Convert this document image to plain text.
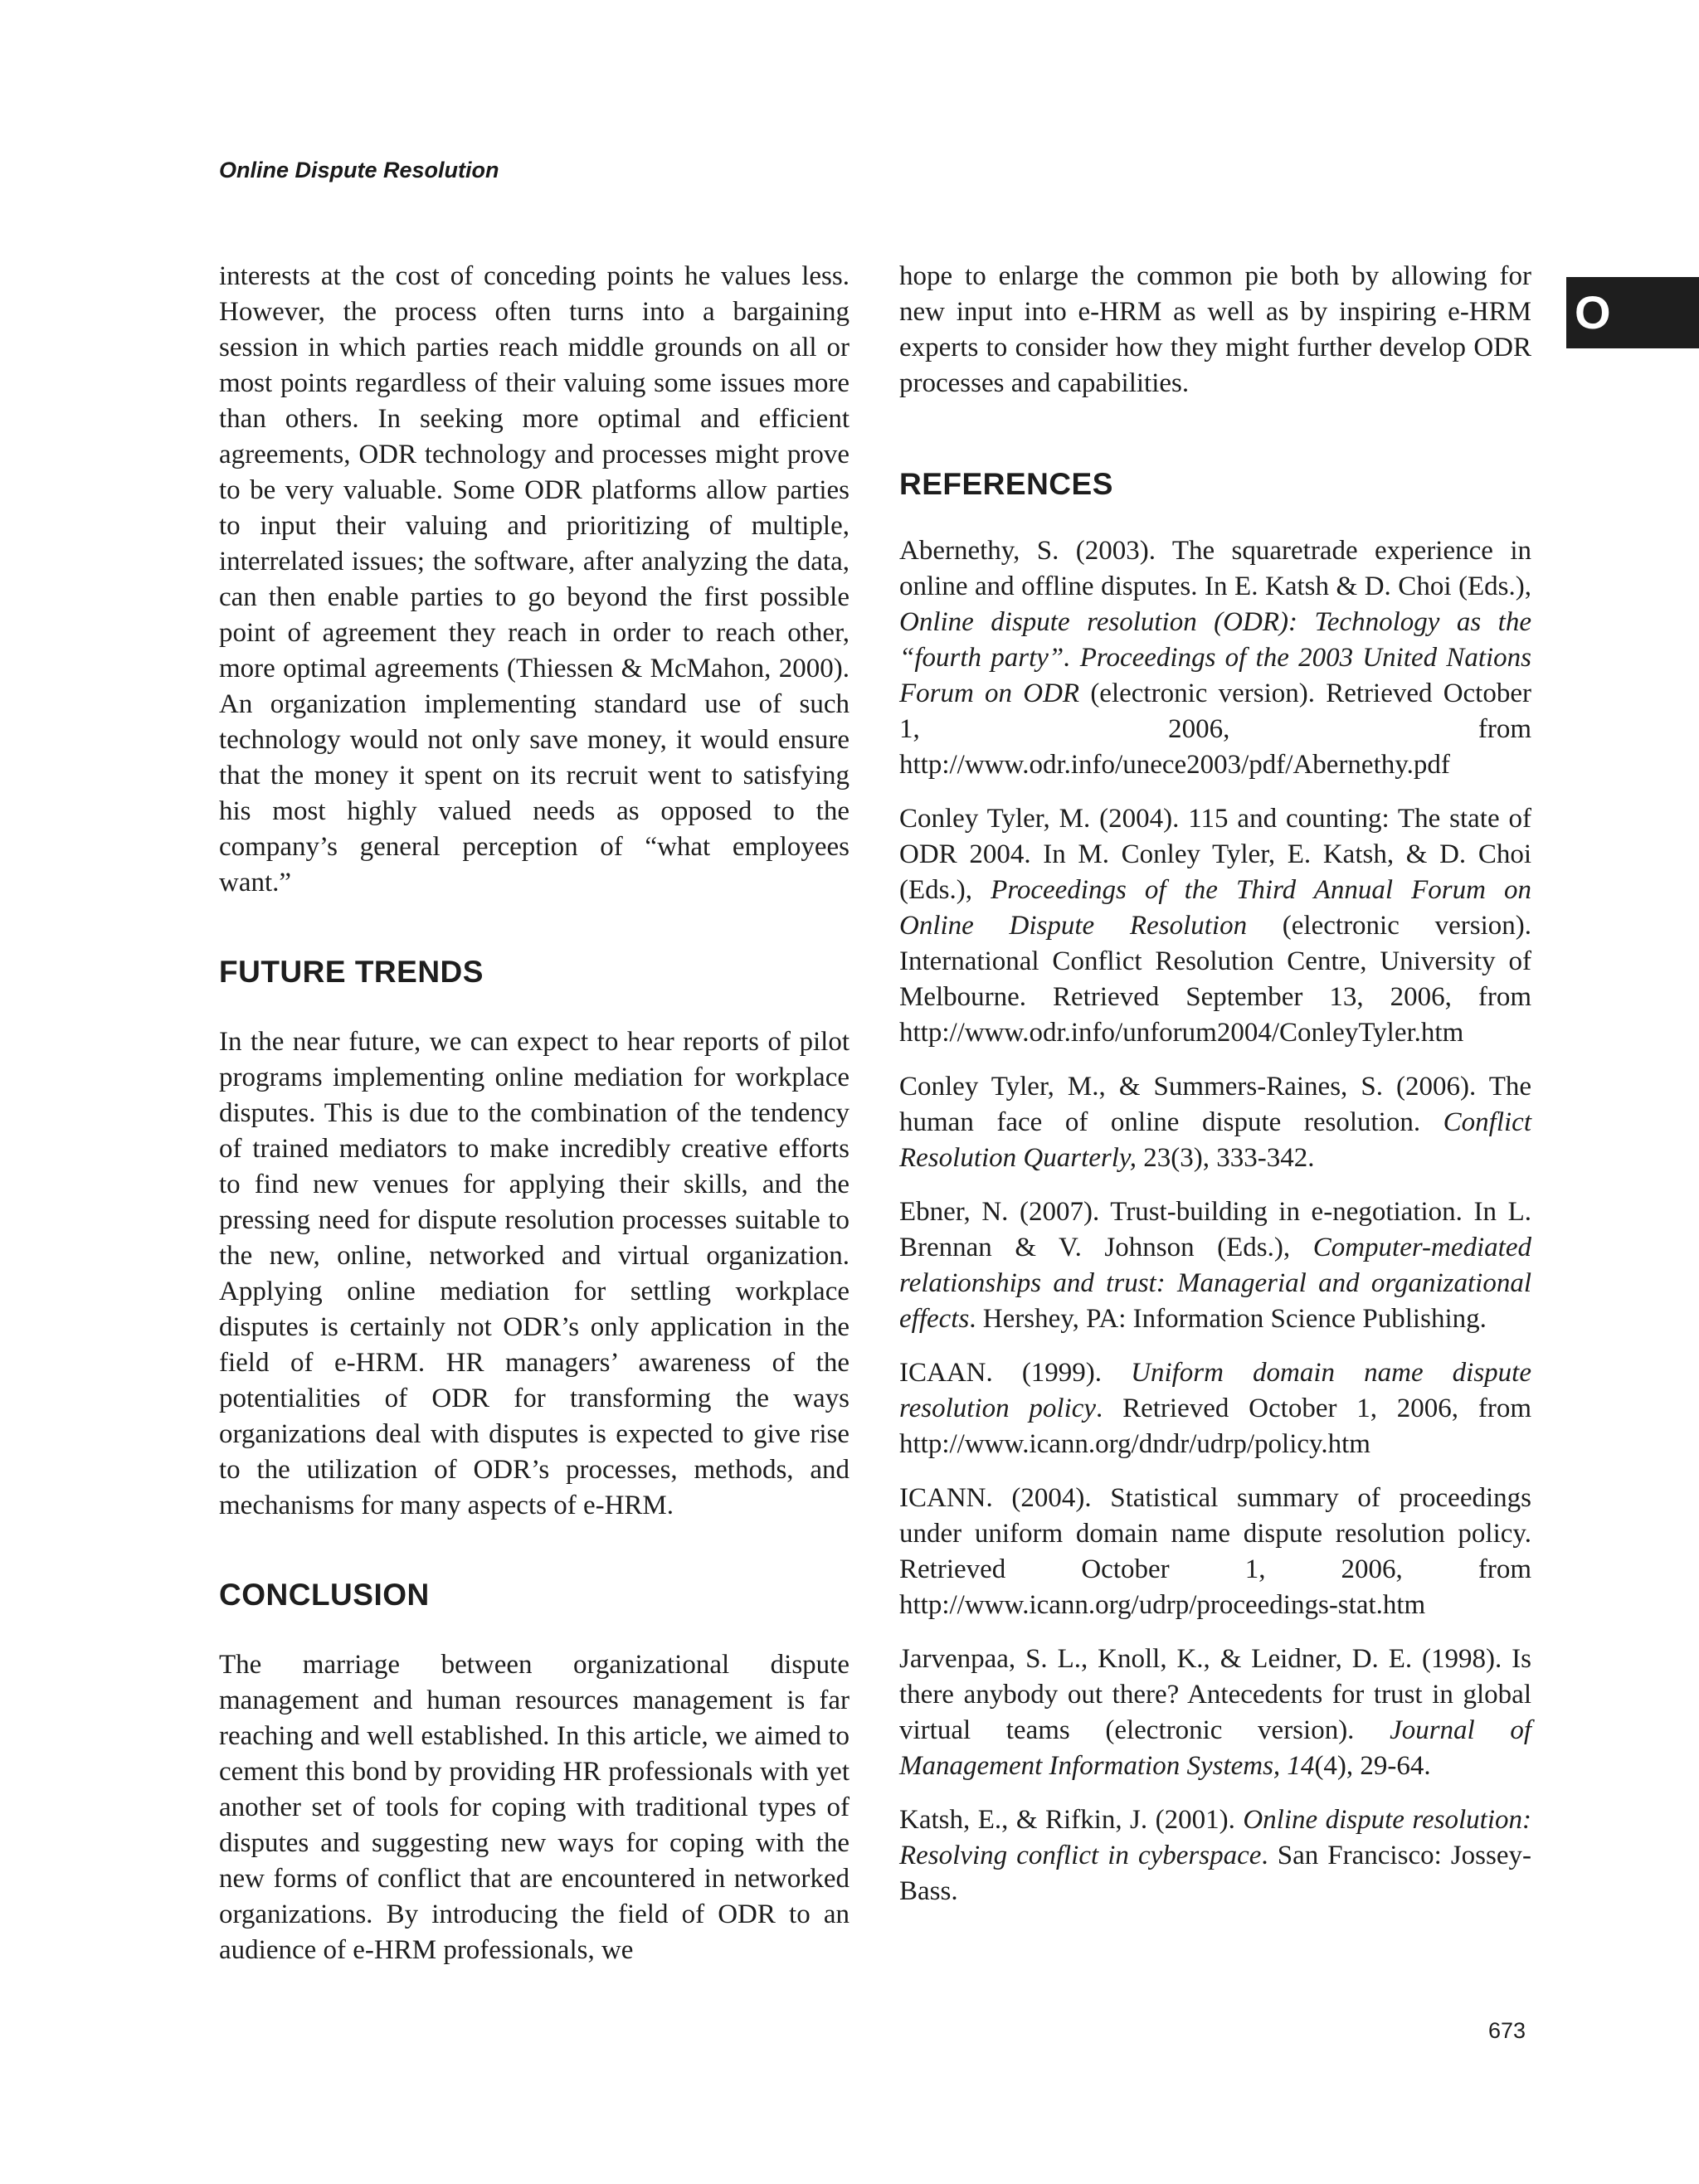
Online Dispute Resolution
O

interests at the cost of conceding points he values less. However, the process often turns into a bargaining session in which parties reach middle grounds on all or most points regardless of their valuing some issues more than others. In seeking more optimal and efficient agreements, ODR technology and processes might prove to be very valuable. Some ODR platforms allow parties to input their valuing and prioritizing of multiple, interrelated issues; the software, after analyzing the data, can then enable parties to go beyond the first possible point of agreement they reach in order to reach other, more optimal agreements (Thiessen & McMahon, 2000). An organization implementing standard use of such technology would not only save money, it would ensure that the money it spent on its recruit went to satisfying his most highly valued needs as opposed to the company’s general perception of “what employees want.”

FUTURE TRENDS

In the near future, we can expect to hear reports of pilot programs implementing online mediation for workplace disputes. This is due to the combination of the tendency of trained mediators to make incredibly creative efforts to find new venues for applying their skills, and the pressing need for dispute resolution processes suitable to the new, online, networked and virtual organization. Applying online mediation for settling workplace disputes is certainly not ODR’s only application in the field of e-HRM. HR managers’ awareness of the potentialities of ODR for transforming the ways organizations deal with disputes is expected to give rise to the utilization of ODR’s processes, methods, and mechanisms for many aspects of e-HRM.

CONCLUSION

The marriage between organizational dispute management and human resources management is far reaching and well established. In this article, we aimed to cement this bond by providing HR professionals with yet another set of tools for coping with traditional types of disputes and suggesting new ways for coping with the new forms of conflict that are encountered in networked organizations. By introducing the field of ODR to an audience of e-HRM professionals, we

hope to enlarge the common pie both by allowing for new input into e-HRM as well as by inspiring e-HRM experts to consider how they might further develop ODR processes and capabilities.

REFERENCES

Abernethy, S. (2003). The squaretrade experience in online and offline disputes. In E. Katsh & D. Choi (Eds.), Online dispute resolution (ODR): Technology as the “fourth party”. Proceedings of the 2003 United Nations Forum on ODR (electronic version). Retrieved October 1, 2006, from http://www.odr.info/unece2003/pdf/Abernethy.pdf

Conley Tyler, M. (2004). 115 and counting: The state of ODR 2004. In M. Conley Tyler, E. Katsh, & D. Choi (Eds.), Proceedings of the Third Annual Forum on Online Dispute Resolution (electronic version). International Conflict Resolution Centre, University of Melbourne. Retrieved September 13, 2006, from http://www.odr.info/unforum2004/ConleyTyler.htm

Conley Tyler, M., & Summers-Raines, S. (2006). The human face of online dispute resolution. Conflict Resolution Quarterly, 23(3), 333-342.

Ebner, N. (2007). Trust-building in e-negotiation. In L. Brennan & V. Johnson (Eds.), Computer-mediated relationships and trust: Managerial and organizational effects. Hershey, PA: Information Science Publishing.

ICAAN. (1999). Uniform domain name dispute resolution policy. Retrieved October 1, 2006, from http://www.icann.org/dndr/udrp/policy.htm

ICANN. (2004). Statistical summary of proceedings under uniform domain name dispute resolution policy. Retrieved October 1, 2006, from http://www.icann.org/udrp/proceedings-stat.htm

Jarvenpaa, S. L., Knoll, K., & Leidner, D. E. (1998). Is there anybody out there? Antecedents for trust in global virtual teams (electronic version). Journal of Management Information Systems, 14(4), 29-64.

Katsh, E., & Rifkin, J. (2001). Online dispute resolution: Resolving conflict in cyberspace. San Francisco: Jossey-Bass.

673
